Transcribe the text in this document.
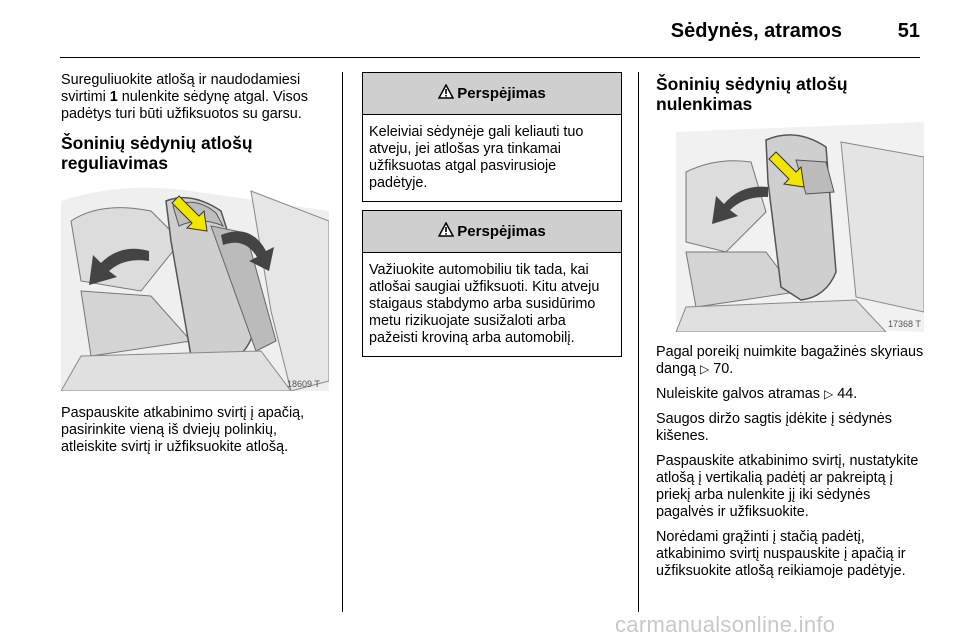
Sėdynės, atramos	51

Sureguliuokite atlošą ir naudodamiesi svirtimi 1 nulenkite sėdynę atgal. Visos padėtys turi būti užfiksuotos su garsu.

Šoninių sėdynių atlošų reguliavimas
18609 T

Paspauskite atkabinimo svirtį į apačią, pasirinkite vieną iš dviejų polinkių, atleiskite svirtį ir užfiksuokite atlošą.

Perspėjimas
Keleiviai sėdynėje gali keliauti tuo atveju, jei atlošas yra tinkamai užfiksuotas atgal pasvirusioje padėtyje.
Perspėjimas
Važiuokite automobiliu tik tada, kai atlošai saugiai užfiksuoti. Kitu atveju staigaus stabdymo arba susidūrimo metu rizikuojate susižaloti arba pažeisti kroviną arba automobilį.
Šoninių sėdynių atlošų nulenkimas
17368 T

Pagal poreikį nuimkite bagažinės skyriaus dangą ▷ 70.

Nuleiskite galvos atramas ▷ 44.

Saugos diržo sagtis įdėkite į sėdynės kišenes.

Paspauskite atkabinimo svirtį, nustatykite atlošą į vertikalią padėtį ar pakreiptą į priekį arba nulenkite jį iki sėdynės pagalvės ir užfiksuokite.

Norėdami grąžinti į stačią padėtį, atkabinimo svirtį nuspauskite į apačią ir užfiksuokite atlošą reikiamoje padėtyje.

carmanualsonline.info
